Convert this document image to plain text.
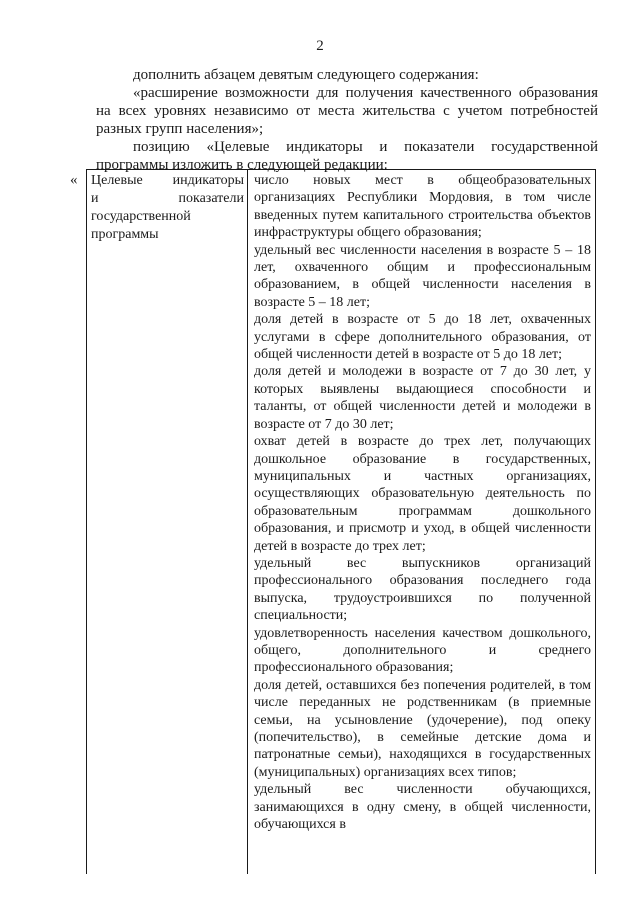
2

дополнить абзацем девятым следующего содержания:

«расширение возможности для получения качественного образования на всех уровнях независимо от места жительства с учетом потребностей разных групп населения»;

позицию «Целевые индикаторы и показатели государственной программы изложить в следующей редакции:

« Целевые индикаторы
и	показатели
государственной
программы

число новых мест в общеобразовательных организациях Республики Мордовия, в том числе введенных путем капитального строительства объектов инфраструктуры общего образования;

удельный вес численности населения в возрасте 5 – 18 лет, охваченного общим и профессиональным образованием, в общей численности населения в возрасте 5 – 18 лет;

доля детей в возрасте от 5 до 18 лет, охваченных услугами в сфере дополнительного образования, от общей численности детей в возрасте от 5 до 18 лет;

доля детей и молодежи в возрасте от 7 до 30 лет, у которых выявлены выдающиеся способности и таланты, от общей численности детей и молодежи в возрасте от 7 до 30 лет;

охват детей в возрасте до трех лет, получающих дошкольное образование в государственных, муниципальных и частных организациях, осуществляющих образовательную деятельность по образовательным программам дошкольного образования, и присмотр и уход, в общей численности детей в возрасте до трех лет;

удельный вес выпускников организаций профессионального образования последнего года выпуска, трудоустроившихся по полученной специальности;

удовлетворенность населения качеством дошкольного, общего, дополнительного и среднего профессионального образования;

доля детей, оставшихся без попечения родителей, в том числе переданных не родственникам (в приемные семьи, на усыновление (удочерение), под опеку (попечительство), в семейные детские дома и патронатные семьи), находящихся в государственных (муниципальных) организациях всех типов;

удельный вес численности обучающихся, занимающихся в одну смену, в общей численности, обучающихся в
